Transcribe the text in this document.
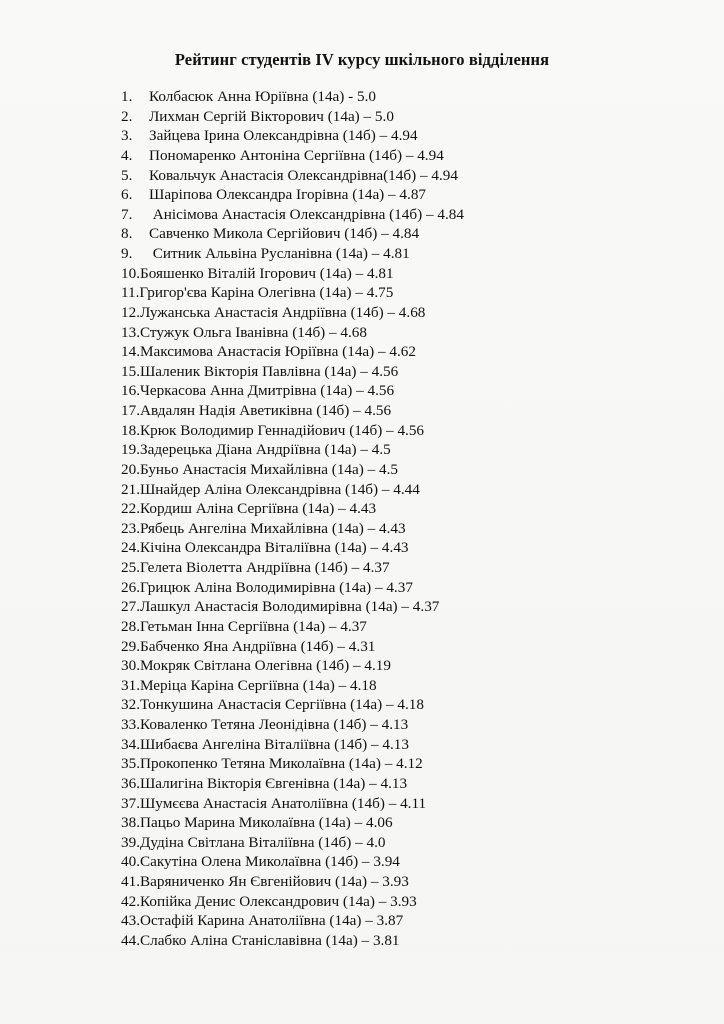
Рейтинг студентів IV курсу шкільного відділення
1. Колбасюк Анна Юріївна (14а) - 5.0
2. Лихман Сергій Вікторович (14а) – 5.0
3. Зайцева Ірина Олександрівна (14б) – 4.94
4. Пономаренко Антоніна Сергіївна (14б) – 4.94
5. Ковальчук Анастасія Олександрівна(14б) – 4.94
6. Шаріпова Олександра Ігорівна (14а) – 4.87
7. Анісімова Анастасія Олександрівна (14б) – 4.84
8. Савченко Микола Сергійович (14б) – 4.84
9. Ситник Альвіна Русланівна (14а) – 4.81
10.Бояшенко Віталій Ігорович (14а) – 4.81
11.Григор'єва Каріна Олегівна (14а) – 4.75
12.Лужанська Анастасія Андріївна (14б) – 4.68
13.Стужук Ольга Іванівна (14б) – 4.68
14.Максимова Анастасія Юріївна (14а) – 4.62
15.Шаленик Вікторія Павлівна (14а) – 4.56
16.Черкасова Анна Дмитрівна (14а) – 4.56
17.Авдалян Надія Аветиківна (14б) – 4.56
18.Крюк Володимир Геннадійович (14б) – 4.56
19.Задерецька Діана Андріївна (14а) – 4.5
20.Буньо Анастасія Михайлівна (14а) – 4.5
21.Шнайдер Аліна Олександрівна (14б) – 4.44
22.Кордиш Аліна Сергіївна (14а) – 4.43
23.Рябець Ангеліна Михайлівна (14а) – 4.43
24.Кічіна Олександра Віталіївна (14а) – 4.43
25.Гелета Віолетта Андріївна (14б) – 4.37
26.Грицюк Аліна Володимирівна (14а) – 4.37
27.Лашкул Анастасія Володимирівна (14а) – 4.37
28.Гетьман Інна Сергіївна (14а) – 4.37
29.Бабченко Яна Андріївна (14б) – 4.31
30.Мокряк Світлана Олегівна (14б) – 4.19
31.Меріца Каріна Сергіївна (14а) – 4.18
32.Тонкушина Анастасія Сергіївна (14а) – 4.18
33.Коваленко Тетяна Леонідівна (14б) – 4.13
34.Шибаєва Ангеліна Віталіївна (14б) – 4.13
35.Прокопенко Тетяна Миколаївна (14а) – 4.12
36.Шалигіна Вікторія Євгенівна (14а) – 4.13
37.Шумєєва Анастасія Анатоліївна (14б) – 4.11
38.Пацьо Марина Миколаївна (14а) – 4.06
39.Дудіна Світлана Віталіївна (14б) – 4.0
40.Сакутіна Олена Миколаївна (14б) – 3.94
41.Варяниченко Ян Євгенійович (14а) – 3.93
42.Копійка Денис Олександрович (14а) – 3.93
43.Остафій Карина Анатоліївна (14а) – 3.87
44.Слабко Аліна Станіславівна (14а) – 3.81
